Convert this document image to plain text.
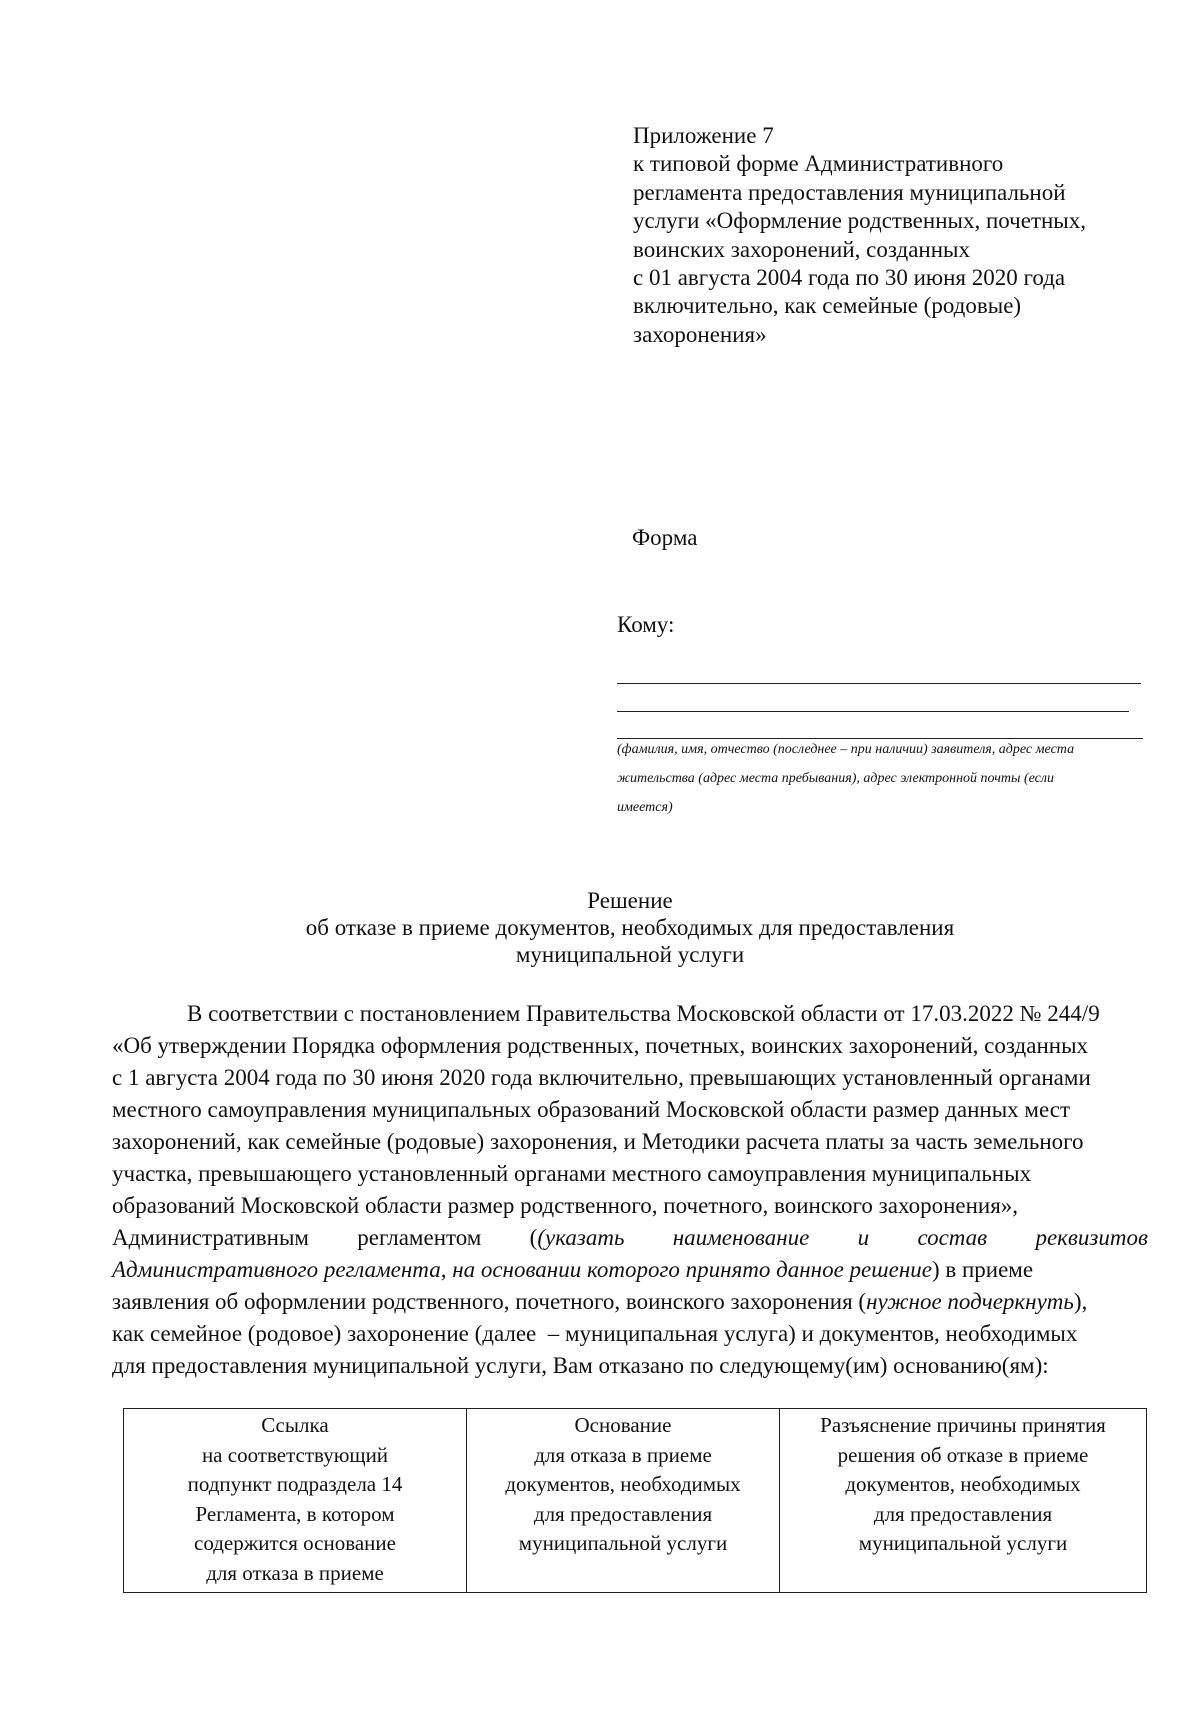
Приложение 7
к типовой форме Административного
регламента предоставления муниципальной
услуги «Оформление родственных, почетных,
воинских захоронений, созданных
с 01 августа 2004 года по 30 июня 2020 года
включительно, как семейные (родовые)
захоронения»
Форма
Кому:
(фамилия, имя, отчество (последнее – при наличии) заявителя, адрес места
жительства (адрес места пребывания), адрес электронной почты (если
имеется)
Решение
об отказе в приеме документов, необходимых для предоставления
муниципальной услуги
В соответствии с постановлением Правительства Московской области от 17.03.2022 № 244/9
«Об утверждении Порядка оформления родственных, почетных, воинских захоронений, созданных
с 1 августа 2004 года по 30 июня 2020 года включительно, превышающих установленный органами
местного самоуправления муниципальных образований Московской области размер данных мест
захоронений, как семейные (родовые) захоронения, и Методики расчета платы за часть земельного
участка, превышающего установленный органами местного самоуправления муниципальных
образований Московской области размер родственного, почетного, воинского захоронения»,
Административным регламентом ((указать наименование и состав реквизитов
Административного регламента, на основании которого принято данное решение ) в приеме
заявления об оформлении родственного, почетного, воинского захоронения ( нужное подчеркнуть ),
как семейное (родовое) захоронение (далее  – муниципальная услуга) и документов, необходимых
для предоставления муниципальной услуги, Вам отказано по следующему(им) основанию(ям):
Ссылка
на соответствующий
подпункт подраздела 14
Регламента, в котором
содержится основание
для отказа в приеме

Основание
для отказа в приеме
документов, необходимых
для предоставления
муниципальной услуги

Разъяснение причины принятия
решения об отказе в приеме
документов, необходимых
для предоставления
муниципальной услуги
